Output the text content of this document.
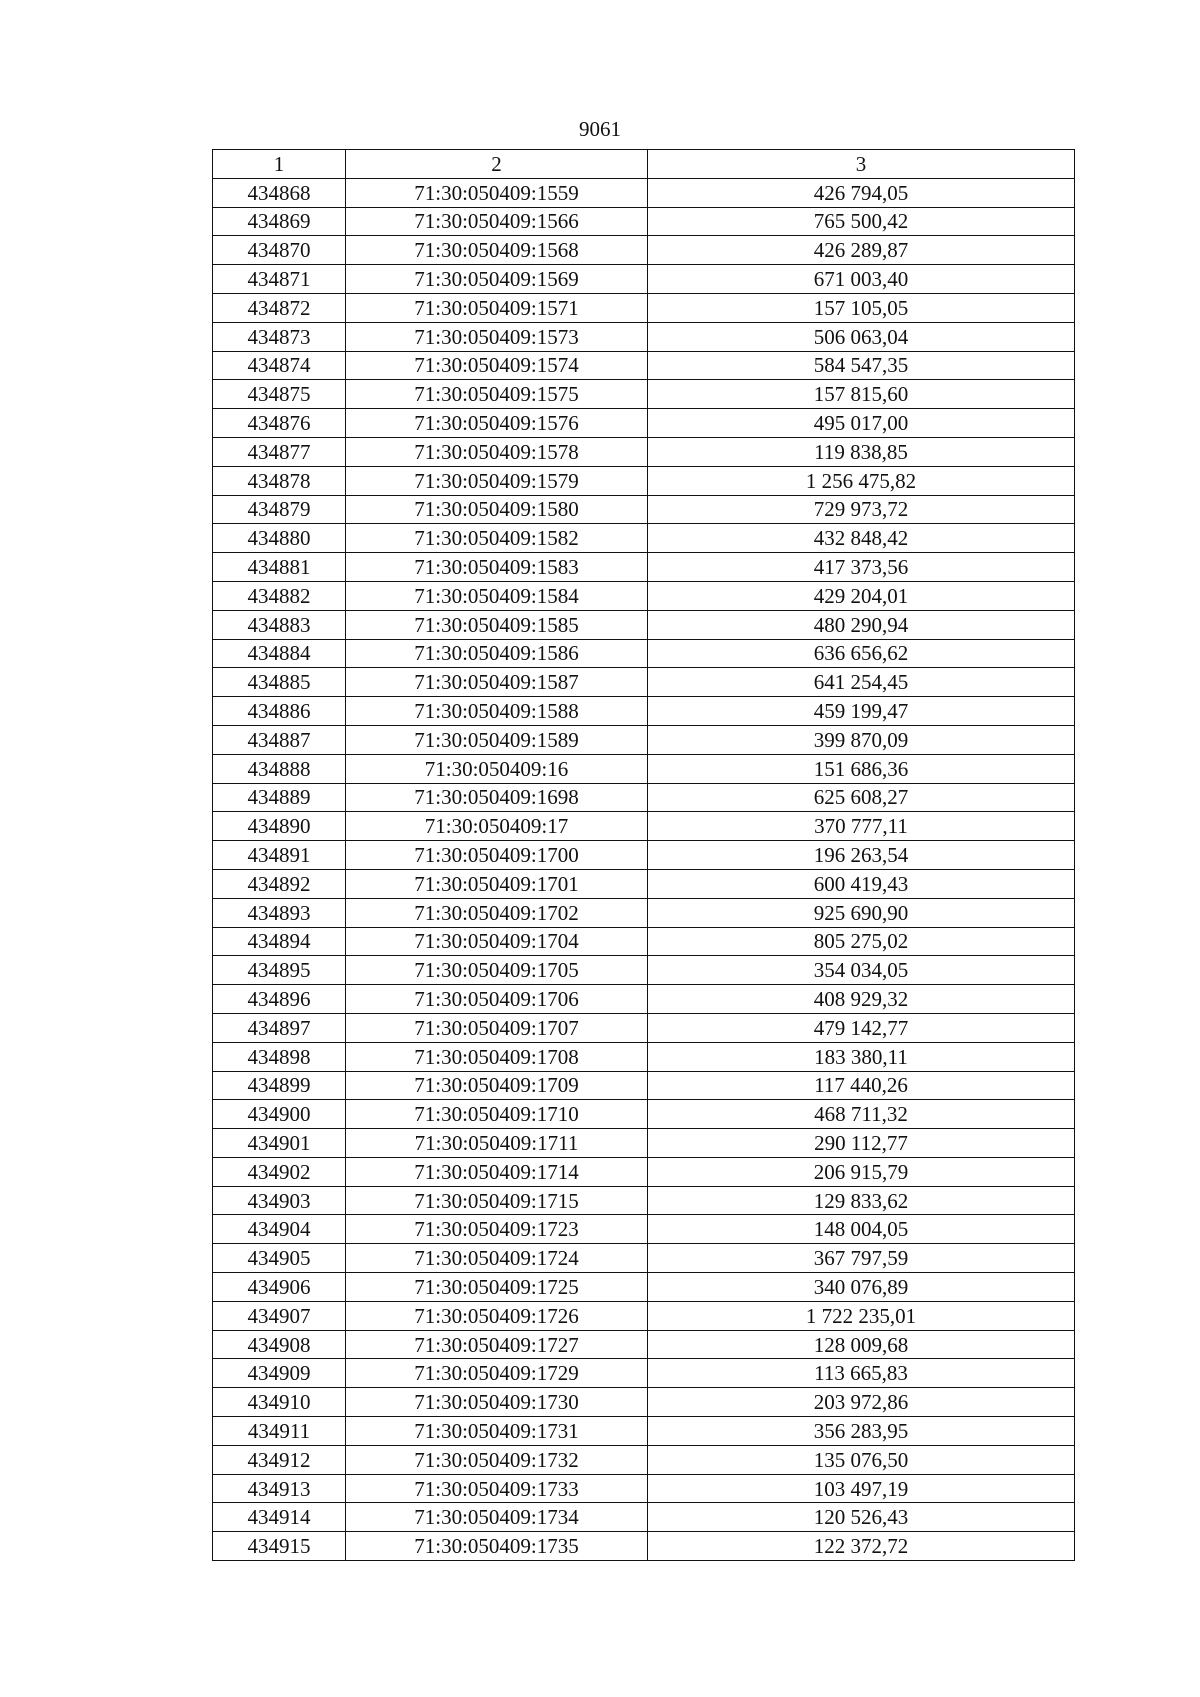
9061
1	2	3
434868	71:30:050409:1559	426 794,05
434869	71:30:050409:1566	765 500,42
434870	71:30:050409:1568	426 289,87
434871	71:30:050409:1569	671 003,40
434872	71:30:050409:1571	157 105,05
434873	71:30:050409:1573	506 063,04
434874	71:30:050409:1574	584 547,35
434875	71:30:050409:1575	157 815,60
434876	71:30:050409:1576	495 017,00
434877	71:30:050409:1578	119 838,85
434878	71:30:050409:1579	1 256 475,82
434879	71:30:050409:1580	729 973,72
434880	71:30:050409:1582	432 848,42
434881	71:30:050409:1583	417 373,56
434882	71:30:050409:1584	429 204,01
434883	71:30:050409:1585	480 290,94
434884	71:30:050409:1586	636 656,62
434885	71:30:050409:1587	641 254,45
434886	71:30:050409:1588	459 199,47
434887	71:30:050409:1589	399 870,09
434888	71:30:050409:16	151 686,36
434889	71:30:050409:1698	625 608,27
434890	71:30:050409:17	370 777,11
434891	71:30:050409:1700	196 263,54
434892	71:30:050409:1701	600 419,43
434893	71:30:050409:1702	925 690,90
434894	71:30:050409:1704	805 275,02
434895	71:30:050409:1705	354 034,05
434896	71:30:050409:1706	408 929,32
434897	71:30:050409:1707	479 142,77
434898	71:30:050409:1708	183 380,11
434899	71:30:050409:1709	117 440,26
434900	71:30:050409:1710	468 711,32
434901	71:30:050409:1711	290 112,77
434902	71:30:050409:1714	206 915,79
434903	71:30:050409:1715	129 833,62
434904	71:30:050409:1723	148 004,05
434905	71:30:050409:1724	367 797,59
434906	71:30:050409:1725	340 076,89
434907	71:30:050409:1726	1 722 235,01
434908	71:30:050409:1727	128 009,68
434909	71:30:050409:1729	113 665,83
434910	71:30:050409:1730	203 972,86
434911	71:30:050409:1731	356 283,95
434912	71:30:050409:1732	135 076,50
434913	71:30:050409:1733	103 497,19
434914	71:30:050409:1734	120 526,43
434915	71:30:050409:1735	122 372,72
